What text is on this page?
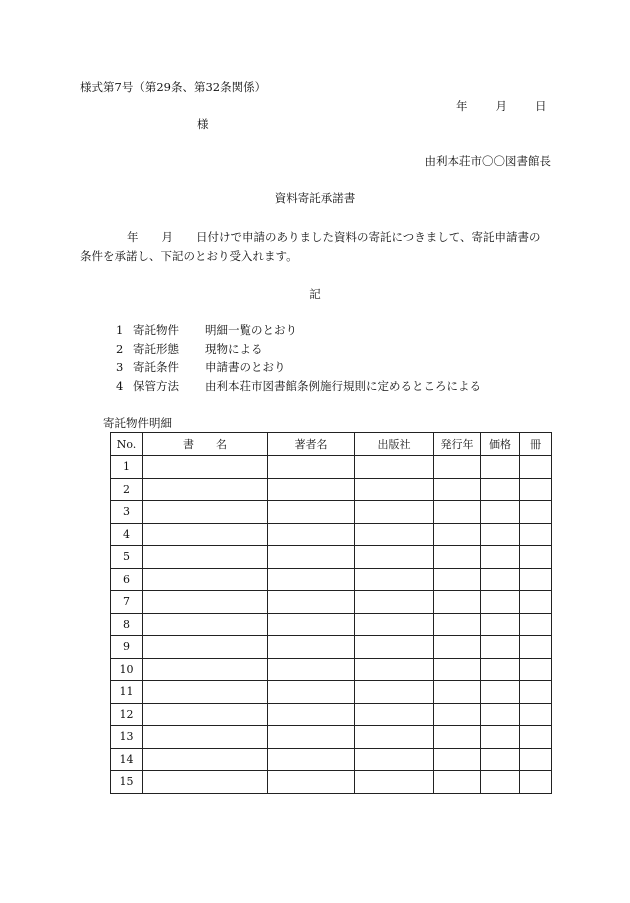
様式第7号（第29条、第32条関係）
年 月 日
様
由利本荘市〇〇図書館長
資料寄託承諾書
年　　月　　日付けで申請のありました資料の寄託につきまして、寄託申請書の
条件を承諾し、下記のとおり受入れます。
記
1 寄託物件 明細一覧のとおり
2 寄託形態 現物による
3 寄託条件 申請書のとおり
4 保管方法 由利本荘市図書館条例施行規則に定めるところによる
寄託物件明細
No.	書　　名	著者名	出版社	発行年	価格	冊
1						
2						
3						
4						
5						
6						
7						
8						
9						
10						
11						
12						
13						
14						
15						
